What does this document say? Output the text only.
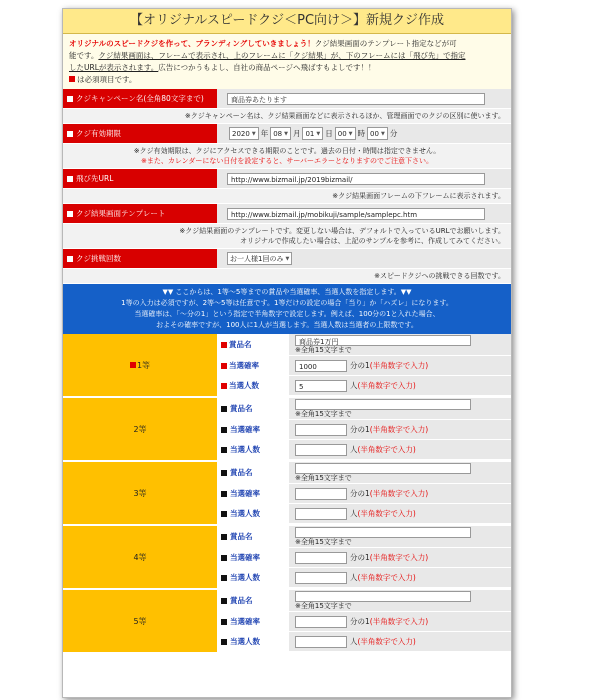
【オリジナルスピードクジ＜PC向け＞】新規クジ作成
オリジナルのスピードクジを作って、ブランディングしていきましょう！クジ結果画面のテンプレート指定などが可
能です。クジ結果画面は、フレームで表示され、上のフレームに「クジ結果」が、下のフレームには「飛び先」で指定
したURLが表示されます。広告につかうもよし、自社の商品ページへ飛ばすもよしです！！
は必須項目です。
クジキャンペーン名(全角80文字まで)	商品券あたります
※クジキャンペーン名は、クジ結果画面などに表示されるほか、管理画面でのクジの区別に使います。
クジ有効期限	2020 ▼ 年 08 ▼ 月 01 ▼ 日 00 ▼ 時 00 ▼ 分
※クジ有効期限は、クジにアクセスできる期限のことです。過去の日付・時間は指定できません。
※また、カレンダーにない日付を設定すると、サーバーエラーとなりますのでご注意下さい。
飛び先URL	http://www.bizmail.jp/2019bizmail/
※クジ結果画面フレームの下フレームに表示されます。
クジ結果画面テンプレート	http://www.bizmail.jp/mobikuji/sample/samplepc.htm
※クジ結果画面のテンプレートです。変更しない場合は、デフォルトで入っているURLでお願いします。
オリジナルで作成したい場合は、上記のサンプルを参考に、作成してみてください。
クジ挑戦回数	お一人様1回のみ ▼
※スピードクジへの挑戦できる回数です。
▼▼ ここからは、1等～5等までの賞品や当選確率、当選人数を指定します。▼▼
1等の入力は必須ですが、2等～5等は任意です。1等だけの設定の場合「当り」か「ハズレ」になります。
当選確率は、「～分の1」という指定で半角数字で設定します。例えば、100分の1と入れた場合、
およその確率ですが、100人に1人が当選します。当選人数は当選者の上限数です。
1等
賞品名	商品券1万円
※全角15文字まで
当選確率	1000	分の1 (半角数字で入力)
当選人数	5	人 (半角数字で入力)
2等
賞品名
※全角15文字まで
当選確率	分の1 (半角数字で入力)
当選人数	人 (半角数字で入力)
3等
賞品名
※全角15文字まで
当選確率	分の1 (半角数字で入力)
当選人数	人 (半角数字で入力)
4等
賞品名
※全角15文字まで
当選確率	分の1 (半角数字で入力)
当選人数	人 (半角数字で入力)
5等
賞品名
※全角15文字まで
当選確率	分の1 (半角数字で入力)
当選人数	人 (半角数字で入力)
